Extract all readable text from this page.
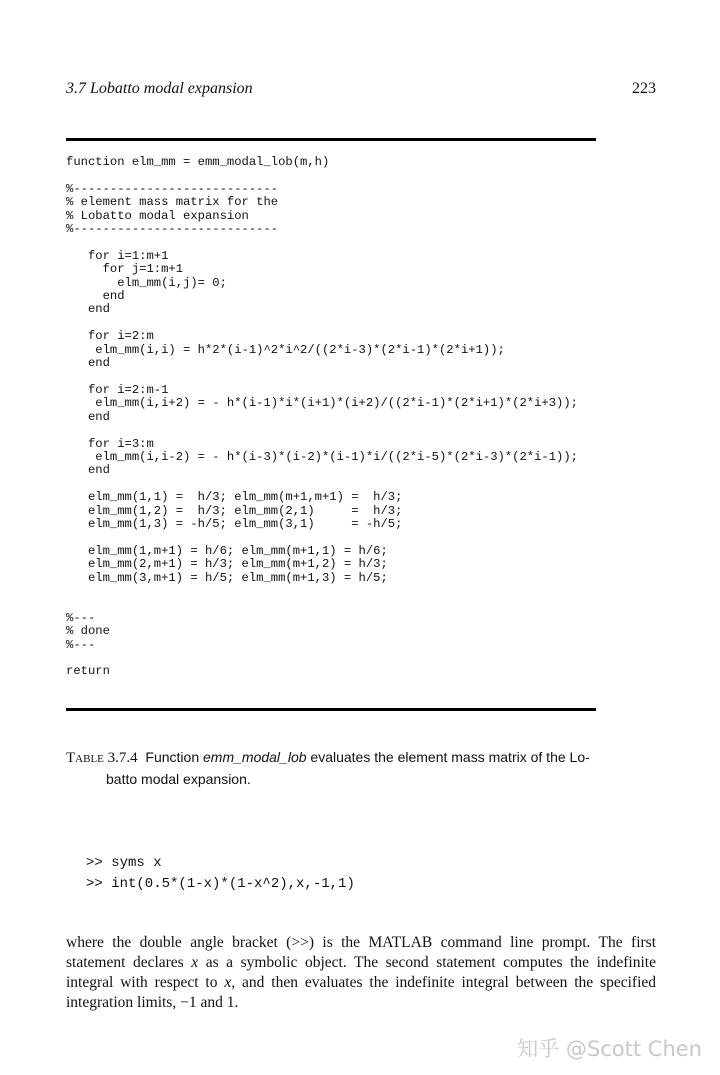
3.7 Lobatto modal expansion	223
function elm_mm = emm_modal_lob(m,h)

%----------------------------
% element mass matrix for the
% Lobatto modal expansion
%----------------------------

for i=1:m+1
for j=1:m+1
elm_mm(i,j)= 0;
end
end

for i=2:m
elm_mm(i,i) = h*2*(i-1)^2*i^2/((2*i-3)*(2*i-1)*(2*i+1));
end

for i=2:m-1
elm_mm(i,i+2) = - h*(i-1)*i*(i+1)*(i+2)/((2*i-1)*(2*i+1)*(2*i+3));
end

for i=3:m
elm_mm(i,i-2) = - h*(i-3)*(i-2)*(i-1)*i/((2*i-5)*(2*i-3)*(2*i-1));
end

elm_mm(1,1) =  h/3; elm_mm(m+1,m+1) =  h/3;
elm_mm(1,2) =  h/3; elm_mm(2,1)     =  h/3;
elm_mm(1,3) = -h/5; elm_mm(3,1)     = -h/5;

elm_mm(1,m+1) = h/6; elm_mm(m+1,1) = h/6;
elm_mm(2,m+1) = h/3; elm_mm(m+1,2) = h/3;
elm_mm(3,m+1) = h/5; elm_mm(m+1,3) = h/5;

%---
% done
%---

return
Table 3.7.4 Function emm_modal_lob evaluates the element mass matrix of the Lo-
batto modal expansion.
>> syms x
>> int(0.5*(1-x)*(1-x^2),x,-1,1)

where the double angle bracket (>>) is the MATLAB command line prompt. The first statement declares x as a symbolic object. The second statement computes the indefinite integral with respect to x, and then evaluates the indefinite integral between the specified integration limits, −1 and 1.

知乎 @Scott Chen
